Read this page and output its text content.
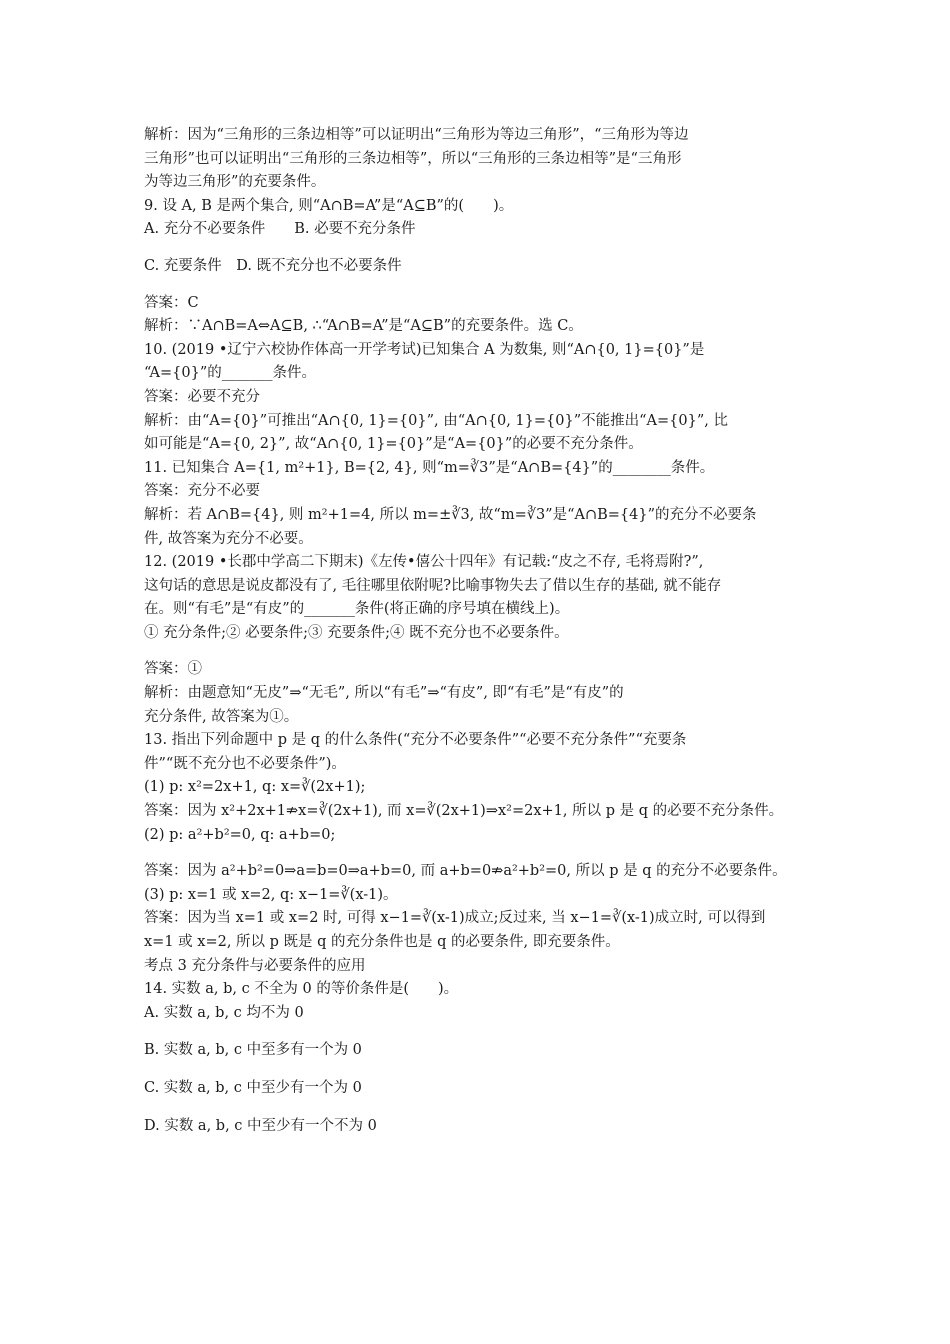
解析：因为“三角形的三条边相等”可以证明出“三角形为等边三角形”，“三角形为等边
三角形”也可以证明出“三角形的三条边相等”，所以“三角形的三条边相等”是“三角形
为等边三角形”的充要条件。
9. 设 A, B 是两个集合, 则“A∩B=A”是“A⊆B”的(　　)。
A. 充分不必要条件　　B. 必要不充分条件
C. 充要条件　D. 既不充分也不必要条件
答案：C
解析：∵A∩B=A⇔A⊆B, ∴“A∩B=A”是“A⊆B”的充要条件。选 C。
10. (2019 •辽宁六校协作体高一开学考试)已知集合 A 为数集, 则“A∩{0, 1}={0}”是
“A={0}”的_______条件。
答案：必要不充分
解析：由“A={0}”可推出“A∩{0, 1}={0}”, 由“A∩{0, 1}={0}”不能推出“A={0}”, 比
如可能是“A={0, 2}”, 故“A∩{0, 1}={0}”是“A={0}”的必要不充分条件。
11. 已知集合 A={1, m²+1}, B={2, 4}, 则“m=∛3”是“A∩B={4}”的________条件。
答案：充分不必要
解析：若 A∩B={4}, 则 m²+1=4, 所以 m=±∛3, 故“m=∛3”是“A∩B={4}”的充分不必要条
件, 故答案为充分不必要。
12. (2019 •长郡中学高二下期末)《左传•僖公十四年》有记载:“皮之不存, 毛将焉附?”,
这句话的意思是说皮都没有了, 毛往哪里依附呢?比喻事物失去了借以生存的基础, 就不能存
在。则“有毛”是“有皮”的_______条件(将正确的序号填在横线上)。
① 充分条件;② 必要条件;③ 充要条件;④ 既不充分也不必要条件。
答案：①
解析：由题意知“无皮”⇒“无毛”, 所以“有毛”⇒“有皮”, 即“有毛”是“有皮”的
充分条件, 故答案为①。
13. 指出下列命题中 p 是 q 的什么条件(“充分不必要条件”“必要不充分条件”“充要条
件”“既不充分也不必要条件”)。
(1) p: x²=2x+1, q: x=∛(2x+1);
答案：因为 x²+2x+1⇏x=∛(2x+1), 而 x=∛(2x+1)⇒x²=2x+1, 所以 p 是 q 的必要不充分条件。
(2) p: a²+b²=0, q: a+b=0;
答案：因为 a²+b²=0⇒a=b=0⇒a+b=0, 而 a+b=0⇏a²+b²=0, 所以 p 是 q 的充分不必要条件。
(3) p: x=1 或 x=2, q: x−1=∛(x-1)。
答案：因为当 x=1 或 x=2 时, 可得 x−1=∛(x-1)成立;反过来, 当 x−1=∛(x-1)成立时, 可以得到
x=1 或 x=2, 所以 p 既是 q 的充分条件也是 q 的必要条件, 即充要条件。
考点 3 充分条件与必要条件的应用
14. 实数 a, b, c 不全为 0 的等价条件是(　　)。
A. 实数 a, b, c 均不为 0
B. 实数 a, b, c 中至多有一个为 0
C. 实数 a, b, c 中至少有一个为 0
D. 实数 a, b, c 中至少有一个不为 0
